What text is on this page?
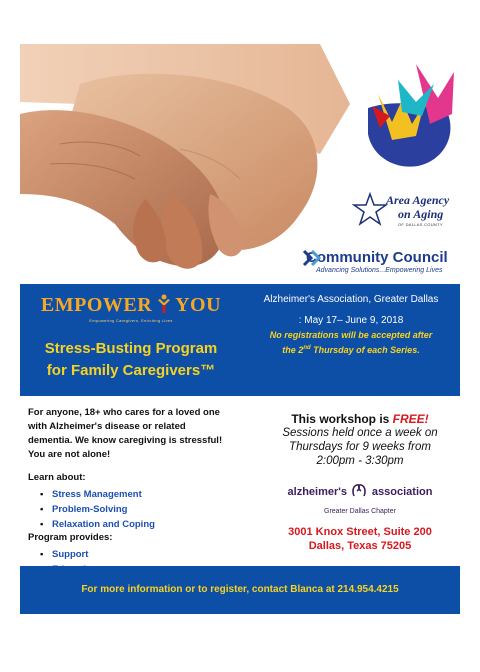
Area Agency
on Aging
OF DALLAS COUNTY
Community Council
Advancing Solutions...Empowering Lives
EMPOWER YOU
Empowering Caregivers, Enriching Lives
Stress-Busting Program
for Family Caregivers™
Alzheimer's Association, Greater Dallas
: May 17– June 9, 2018
No registrations will be accepted after
the 2nd Thursday of each Series.
For anyone, 18+ who cares for a loved one
with Alzheimer's disease or related
dementia. We know caregiving is stressful!
You are not alone!
Learn about:
• Stress Management
• Problem-Solving
• Relaxation and Coping
Program provides:
• Support
•
This workshop is FREE!
Sessions held once a week on
Thursdays for 9 weeks from
2:00pm - 3:30pm
alzheimer's association
Greater Dallas Chapter
3001 Knox Street, Suite 200
Dallas, Texas 75205
For more information or to register, contact Blanca at 214.954.4215
